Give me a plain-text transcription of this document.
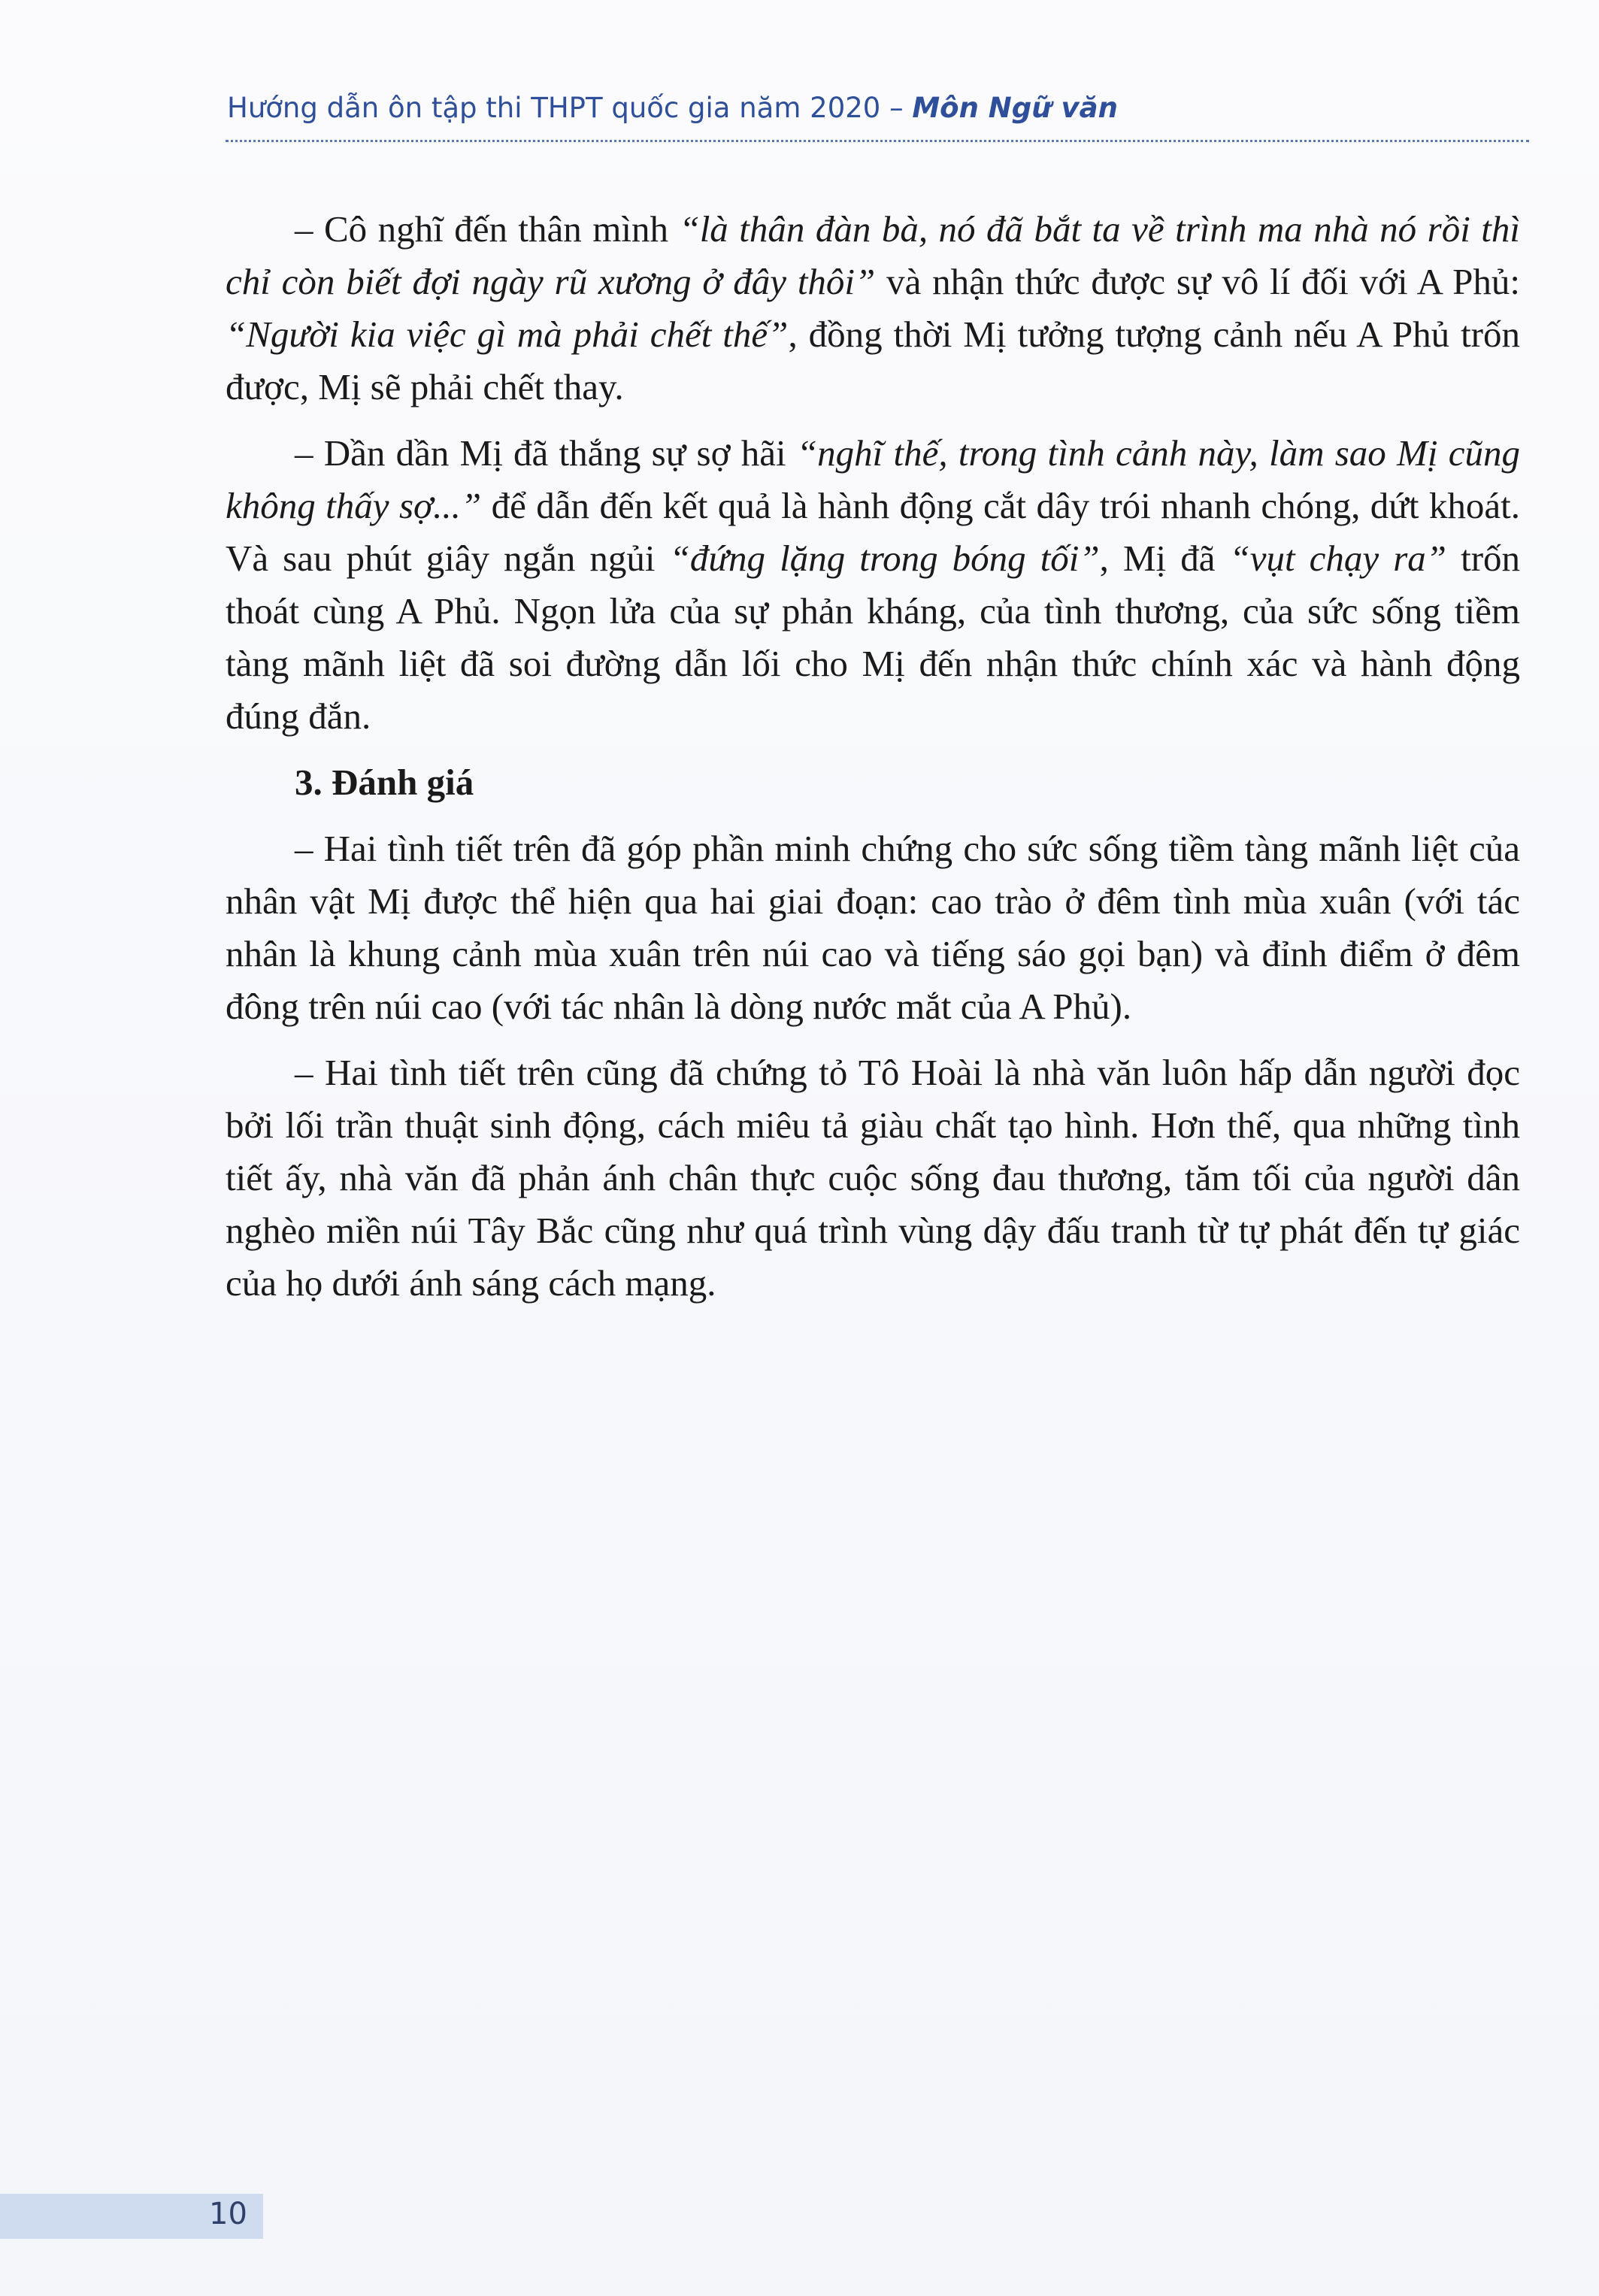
Hướng dẫn ôn tập thi THPT quốc gia năm 2020 – Môn Ngữ văn

– Cô nghĩ đến thân mình “là thân đàn bà, nó đã bắt ta về trình ma nhà nó rồi thì chỉ còn biết đợi ngày rũ xương ở đây thôi” và nhận thức được sự vô lí đối với A Phủ: “Người kia việc gì mà phải chết thế”, đồng thời Mị tưởng tượng cảnh nếu A Phủ trốn được, Mị sẽ phải chết thay.

– Dần dần Mị đã thắng sự sợ hãi “nghĩ thế, trong tình cảnh này, làm sao Mị cũng không thấy sợ...” để dẫn đến kết quả là hành động cắt dây trói nhanh chóng, dứt khoát. Và sau phút giây ngắn ngủi “đứng lặng trong bóng tối”, Mị đã “vụt chạy ra” trốn thoát cùng A Phủ. Ngọn lửa của sự phản kháng, của tình thương, của sức sống tiềm tàng mãnh liệt đã soi đường dẫn lối cho Mị đến nhận thức chính xác và hành động đúng đắn.

3. Đánh giá

– Hai tình tiết trên đã góp phần minh chứng cho sức sống tiềm tàng mãnh liệt của nhân vật Mị được thể hiện qua hai giai đoạn: cao trào ở đêm tình mùa xuân (với tác nhân là khung cảnh mùa xuân trên núi cao và tiếng sáo gọi bạn) và đỉnh điểm ở đêm đông trên núi cao (với tác nhân là dòng nước mắt của A Phủ).

– Hai tình tiết trên cũng đã chứng tỏ Tô Hoài là nhà văn luôn hấp dẫn người đọc bởi lối trần thuật sinh động, cách miêu tả giàu chất tạo hình. Hơn thế, qua những tình tiết ấy, nhà văn đã phản ánh chân thực cuộc sống đau thương, tăm tối của người dân nghèo miền núi Tây Bắc cũng như quá trình vùng dậy đấu tranh từ tự phát đến tự giác của họ dưới ánh sáng cách mạng.

10
